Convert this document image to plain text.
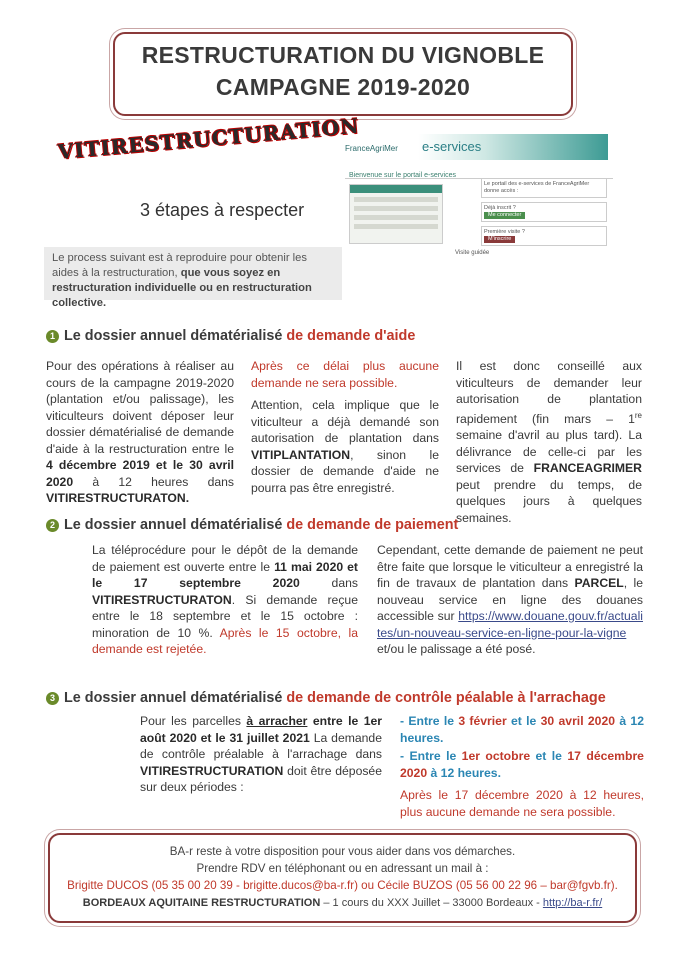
RESTRUCTURATION DU VIGNOBLE
CAMPAGNE 2019-2020
VITIRESTRUCTURATION
3 étapes à respecter
Le process suivant est à reproduire pour obtenir les aides à la restructuration, que vous soyez en restructuration individuelle ou en restructuration collective.
FranceAgriMer e-services
Bienvenue sur le portail e-services
Visite guidée
Le portail des e-services de FranceAgriMer donne accès :
Déjà inscrit ?
Me connecter
Première visite ?
M'inscrire
1 Le dossier annuel dématérialisé de demande d'aide
Pour des opérations à réaliser au cours de la campagne 2019-2020 (plantation et/ou palissage), les viticulteurs doivent déposer leur dossier dématérialisé de demande d'aide à la restructuration entre le 4 décembre 2019 et le 30 avril 2020 à 12 heures dans VITIRESTRUCTURATON.
Après ce délai plus aucune demande ne sera possible.
Attention, cela implique que le viticulteur a déjà demandé son autorisation de plantation dans VITIPLANTATION, sinon le dossier de demande d'aide ne pourra pas être enregistré.
Il est donc conseillé aux viticulteurs de demander leur autorisation de plantation rapidement (fin mars – 1re semaine d'avril au plus tard). La délivrance de celle-ci par les services de FRANCEAGRIMER peut prendre du temps, de quelques jours à quelques semaines.
2 Le dossier annuel dématérialisé de demande de paiement
La téléprocédure pour le dépôt de la demande de paiement est ouverte entre le 11 mai 2020 et le 17 septembre 2020 dans VITIRESTRUCTURATON. Si demande reçue entre le 18 septembre et le 15 octobre : minoration de 10 %. Après le 15 octobre, la demande est rejetée.
Cependant, cette demande de paiement ne peut être faite que lorsque le viticulteur a enregistré la fin de travaux de plantation dans PARCEL, le nouveau service en ligne des douanes accessible sur https://www.douane.gouv.fr/actualites/un-nouveau-service-en-ligne-pour-la-vigne et/ou le palissage a été posé.
3 Le dossier annuel dématérialisé de demande de contrôle péalable à l'arrachage
Pour les parcelles à arracher entre le 1er août 2020 et le 31 juillet 2021 La demande de contrôle préalable à l'arrachage dans VITIRESTRUCTURATION doit être déposée sur deux périodes :
- Entre le 3 février et le 30 avril 2020 à 12 heures.
- Entre le 1er octobre et le 17 décembre 2020 à 12 heures.
Après le 17 décembre 2020 à 12 heures, plus aucune demande ne sera possible.
BA-r reste à votre disposition pour vous aider dans vos démarches.
Prendre RDV en téléphonant ou en adressant un mail à :
Brigitte DUCOS (05 35 00 20 39 - brigitte.ducos@ba-r.fr) ou Cécile BUZOS (05 56 00 22 96 – bar@fgvb.fr).
BORDEAUX AQUITAINE RESTRUCTURATION – 1 cours du XXX Juillet – 33000 Bordeaux - http://ba-r.fr/
